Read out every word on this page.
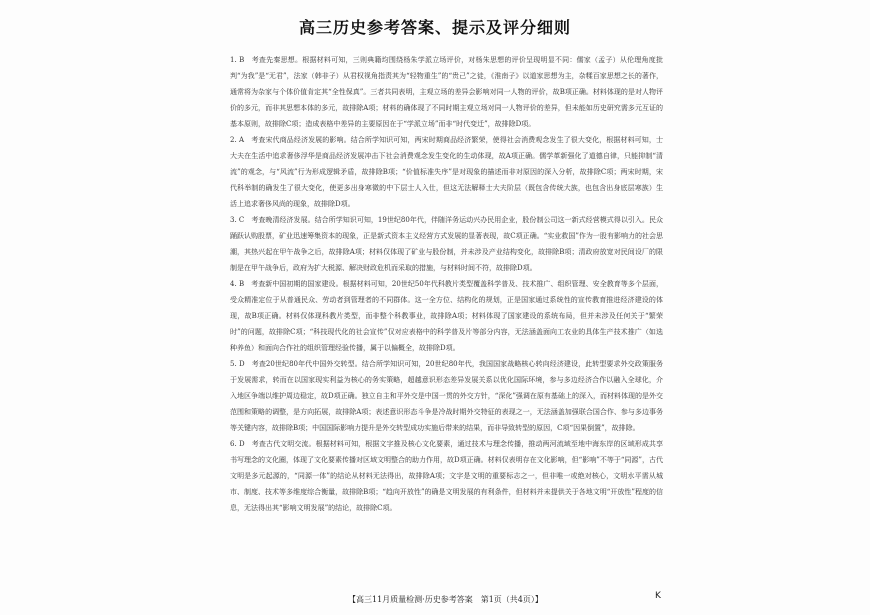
高三历史参考答案、提示及评分细则

1. B　考查先秦思想。根据材料可知，三则典籍均围绕杨朱学派立场评价，对杨朱思想的评价呈现明显不同：儒家（孟子）从伦理角度批判“为我”是“无君”，法家（韩非子）从君权视角指责其为“轻物重生”的“贵己”之徒，《淮南子》以道家思想为主，杂糅百家思想之长的著作，通常将为杂家与个体价值肯定其“全性保真”。三者共同表明，主观立场的差异会影响对同一人物的评价，故B项正确。材料体现的是对人物评价的多元，而非其思想本体的多元，故排除A项；材料的确体现了不同时期主观立场对同一人物评价的差异，但未能如历史研究需多元互证的基本原则，故排除C项；造成表格中差异的主要原因在于“学派立场”而非“时代变迁”，故排除D项。

2. A　考查宋代商品经济发展的影响。结合所学知识可知，两宋时期商品经济繁荣，使得社会消费观念发生了很大变化，根据材料可知，士大夫在生活中追求奢侈浮华是商品经济发展冲击下社会消费观念发生变化的生动体现，故A项正确。儒学革新强化了道德自律，只能抑制“清流”的观念，与“风流”行为形成逻辑矛盾，故排除B项；“价值标准失序”是对现象的描述而非对原因的深入分析，故排除C项；两宋时期，宋代科举制的确发生了很大变化，使更多出身寒微的中下层士人入仕，但这无法解释士大夫阶层（既包含传统大族，也包含出身底层寒族）生活上追求奢侈风尚的现象，故排除D项。

3. C　考查晚清经济发展。结合所学知识可知，19世纪80年代，伴随洋务运动兴办民用企业，股份制公司这一新式经营模式得以引入。民众踊跃认购股票，矿业迅速筹集资本的现象，正是新式资本主义经营方式发展的显著表现，故C项正确。“实业救国”作为一股有影响力的社会思潮，其热兴起在甲午战争之后，故排除A项；材料仅体现了矿业与股份制，并未涉及产业结构变化，故排除B项；清政府放宽对民间设厂的限制是在甲午战争后，政府为扩大税源、解决财政危机而采取的措施，与材料时间不符，故排除D项。

4. B　考查新中国初期的国家建设。根据材料可知，20世纪50年代科教片类型覆盖科学普及、技术推广、组织管理、安全教育等多个层面，受众精准定位于从普通民众、劳动者到管理者的不同群体。这一全方位、结构化的规划，正是国家通过系统性的宣传教育推进经济建设的体现，故B项正确。材料仅体现科教片类型，而非整个科教事业，故排除A项；材料体现了国家建设的系统布局，但并未涉及任何关于“繁荣时”的问题，故排除C项；“科技现代化的社会宣传”仅对应表格中的科学普及片等部分内容，无法涵盖面向工农业的具体生产技术推广（如选种养鱼）和面向合作社的组织管理经验传播，属于以偏概全，故排除D项。

5. D　考查20世纪80年代中国外交转型。结合所学知识可知，20世纪80年代，我国国家战略核心转向经济建设，此转型要求外交政策服务于发展需求，转而在以国家现实利益为核心的务实策略，超越意识形态差异发展关系以优化国际环境，参与多边经济合作以融入全球化，介入地区争端以维护周边稳定，故D项正确。独立自主和平外交是中国一贯的外交方针，“深化”强调在原有基础上的深入，而材料体现的是外交范围和策略的调整，是方向拓展，故排除A项；表述意识形态斗争是冷战时期外交特征的表现之一，无法涵盖加强联合国合作、参与多边事务等关键内容，故排除B项；中国国际影响力提升是外交转型成功实施后带来的结果，而非导致转型的原因，C项“因果倒置”，故排除。

6. D　考查古代文明交流。根据材料可知，根据文字推及核心文化要素，通过技术与理念传播，推动两河流域至地中海东岸的区域形成共享书写理念的文化圈，体现了文化要素传播对区域文明整合的助力作用，故D项正确。材料仅表明存在文化影响，但“影响”不等于“同源”，古代文明是多元起源的，“同源一体”的结论从材料无法得出，故排除A项；文字是文明的重要标志之一，但非唯一或绝对核心，文明水平需从城市、制度、技术等多维度综合衡量，故排除B项；“趋向开放性”的确是文明发展的有利条件，但材料并未提供关于各地文明“开放性”程度的信息，无法得出其“影响文明发展”的结论，故排除C项。

【高三11月质量检测·历史参考答案　第1页（共4页）】	K
